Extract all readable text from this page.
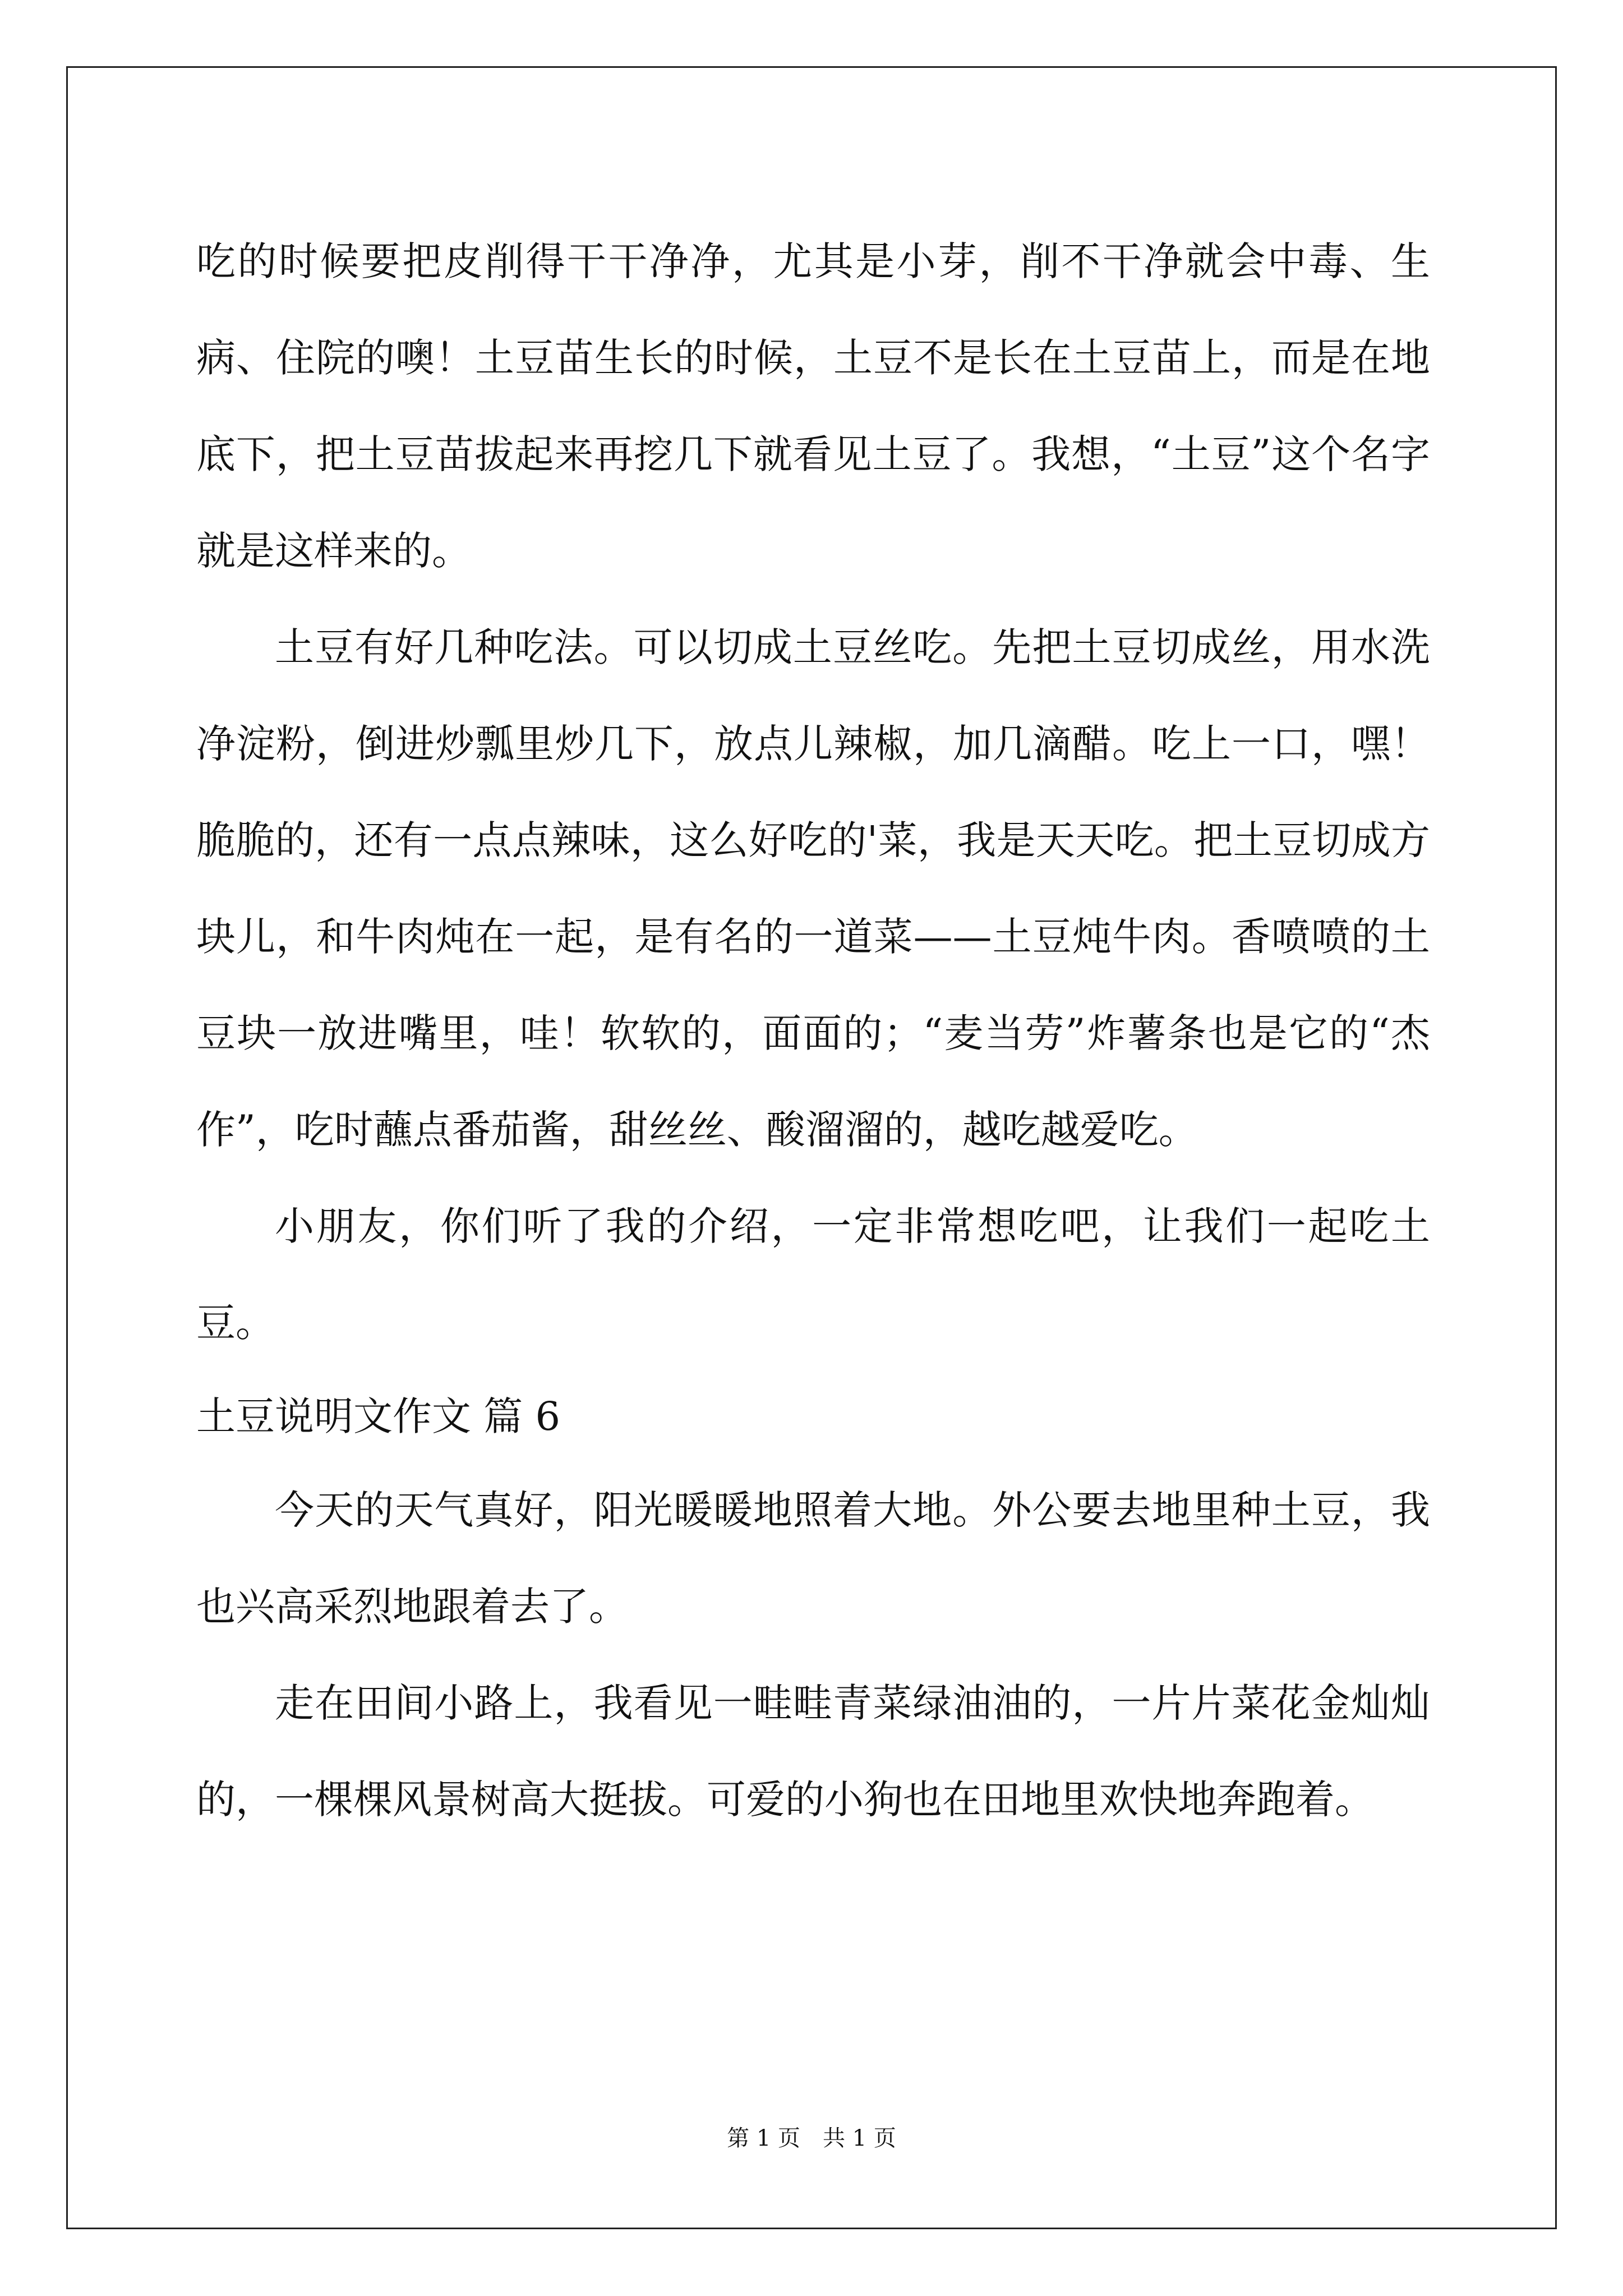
吃的时候要把皮削得干干净净，尤其是小芽，削不干净就会中毒、生病、住院的噢！土豆苗生长的时候，土豆不是长在土豆苗上，而是在地底下，把土豆苗拔起来再挖几下就看见土豆了。我想，“土豆”这个名字就是这样来的。

土豆有好几种吃法。可以切成土豆丝吃。先把土豆切成丝，用水洗净淀粉，倒进炒瓢里炒几下，放点儿辣椒，加几滴醋。吃上一口，嘿！脆脆的，还有一点点辣味，这么好吃的'菜，我是天天吃。把土豆切成方块儿，和牛肉炖在一起，是有名的一道菜——土豆炖牛肉。香喷喷的土豆块一放进嘴里，哇！软软的，面面的；“麦当劳”炸薯条也是它的“杰作”，吃时蘸点番茄酱，甜丝丝、酸溜溜的，越吃越爱吃。

小朋友，你们听了我的介绍，一定非常想吃吧，让我们一起吃土豆。

土豆说明文作文 篇 6

今天的天气真好，阳光暖暖地照着大地。外公要去地里种土豆，我也兴高采烈地跟着去了。

走在田间小路上，我看见一畦畦青菜绿油油的，一片片菜花金灿灿的，一棵棵风景树高大挺拔。可爱的小狗也在田地里欢快地奔跑着。

第 1 页　共 1 页
